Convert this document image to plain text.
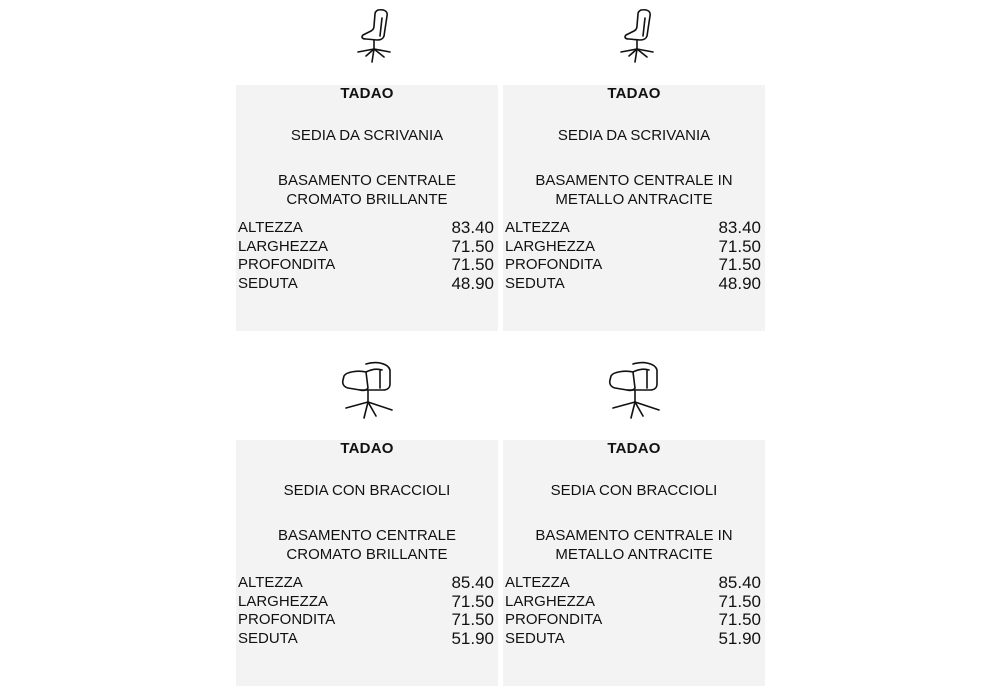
TADAO
SEDIA DA SCRIVANIA
BASAMENTO CENTRALE
CROMATO BRILLANTE
ALTEZZA	83.40
LARGHEZZA	71.50
PROFONDITA	71.50
SEDUTA	48.90
TADAO
SEDIA DA SCRIVANIA
BASAMENTO CENTRALE IN
METALLO ANTRACITE
ALTEZZA	83.40
LARGHEZZA	71.50
PROFONDITA	71.50
SEDUTA	48.90
TADAO
SEDIA CON BRACCIOLI
BASAMENTO CENTRALE
CROMATO BRILLANTE
ALTEZZA	85.40
LARGHEZZA	71.50
PROFONDITA	71.50
SEDUTA	51.90
TADAO
SEDIA CON BRACCIOLI
BASAMENTO CENTRALE IN
METALLO ANTRACITE
ALTEZZA	85.40
LARGHEZZA	71.50
PROFONDITA	71.50
SEDUTA	51.90
